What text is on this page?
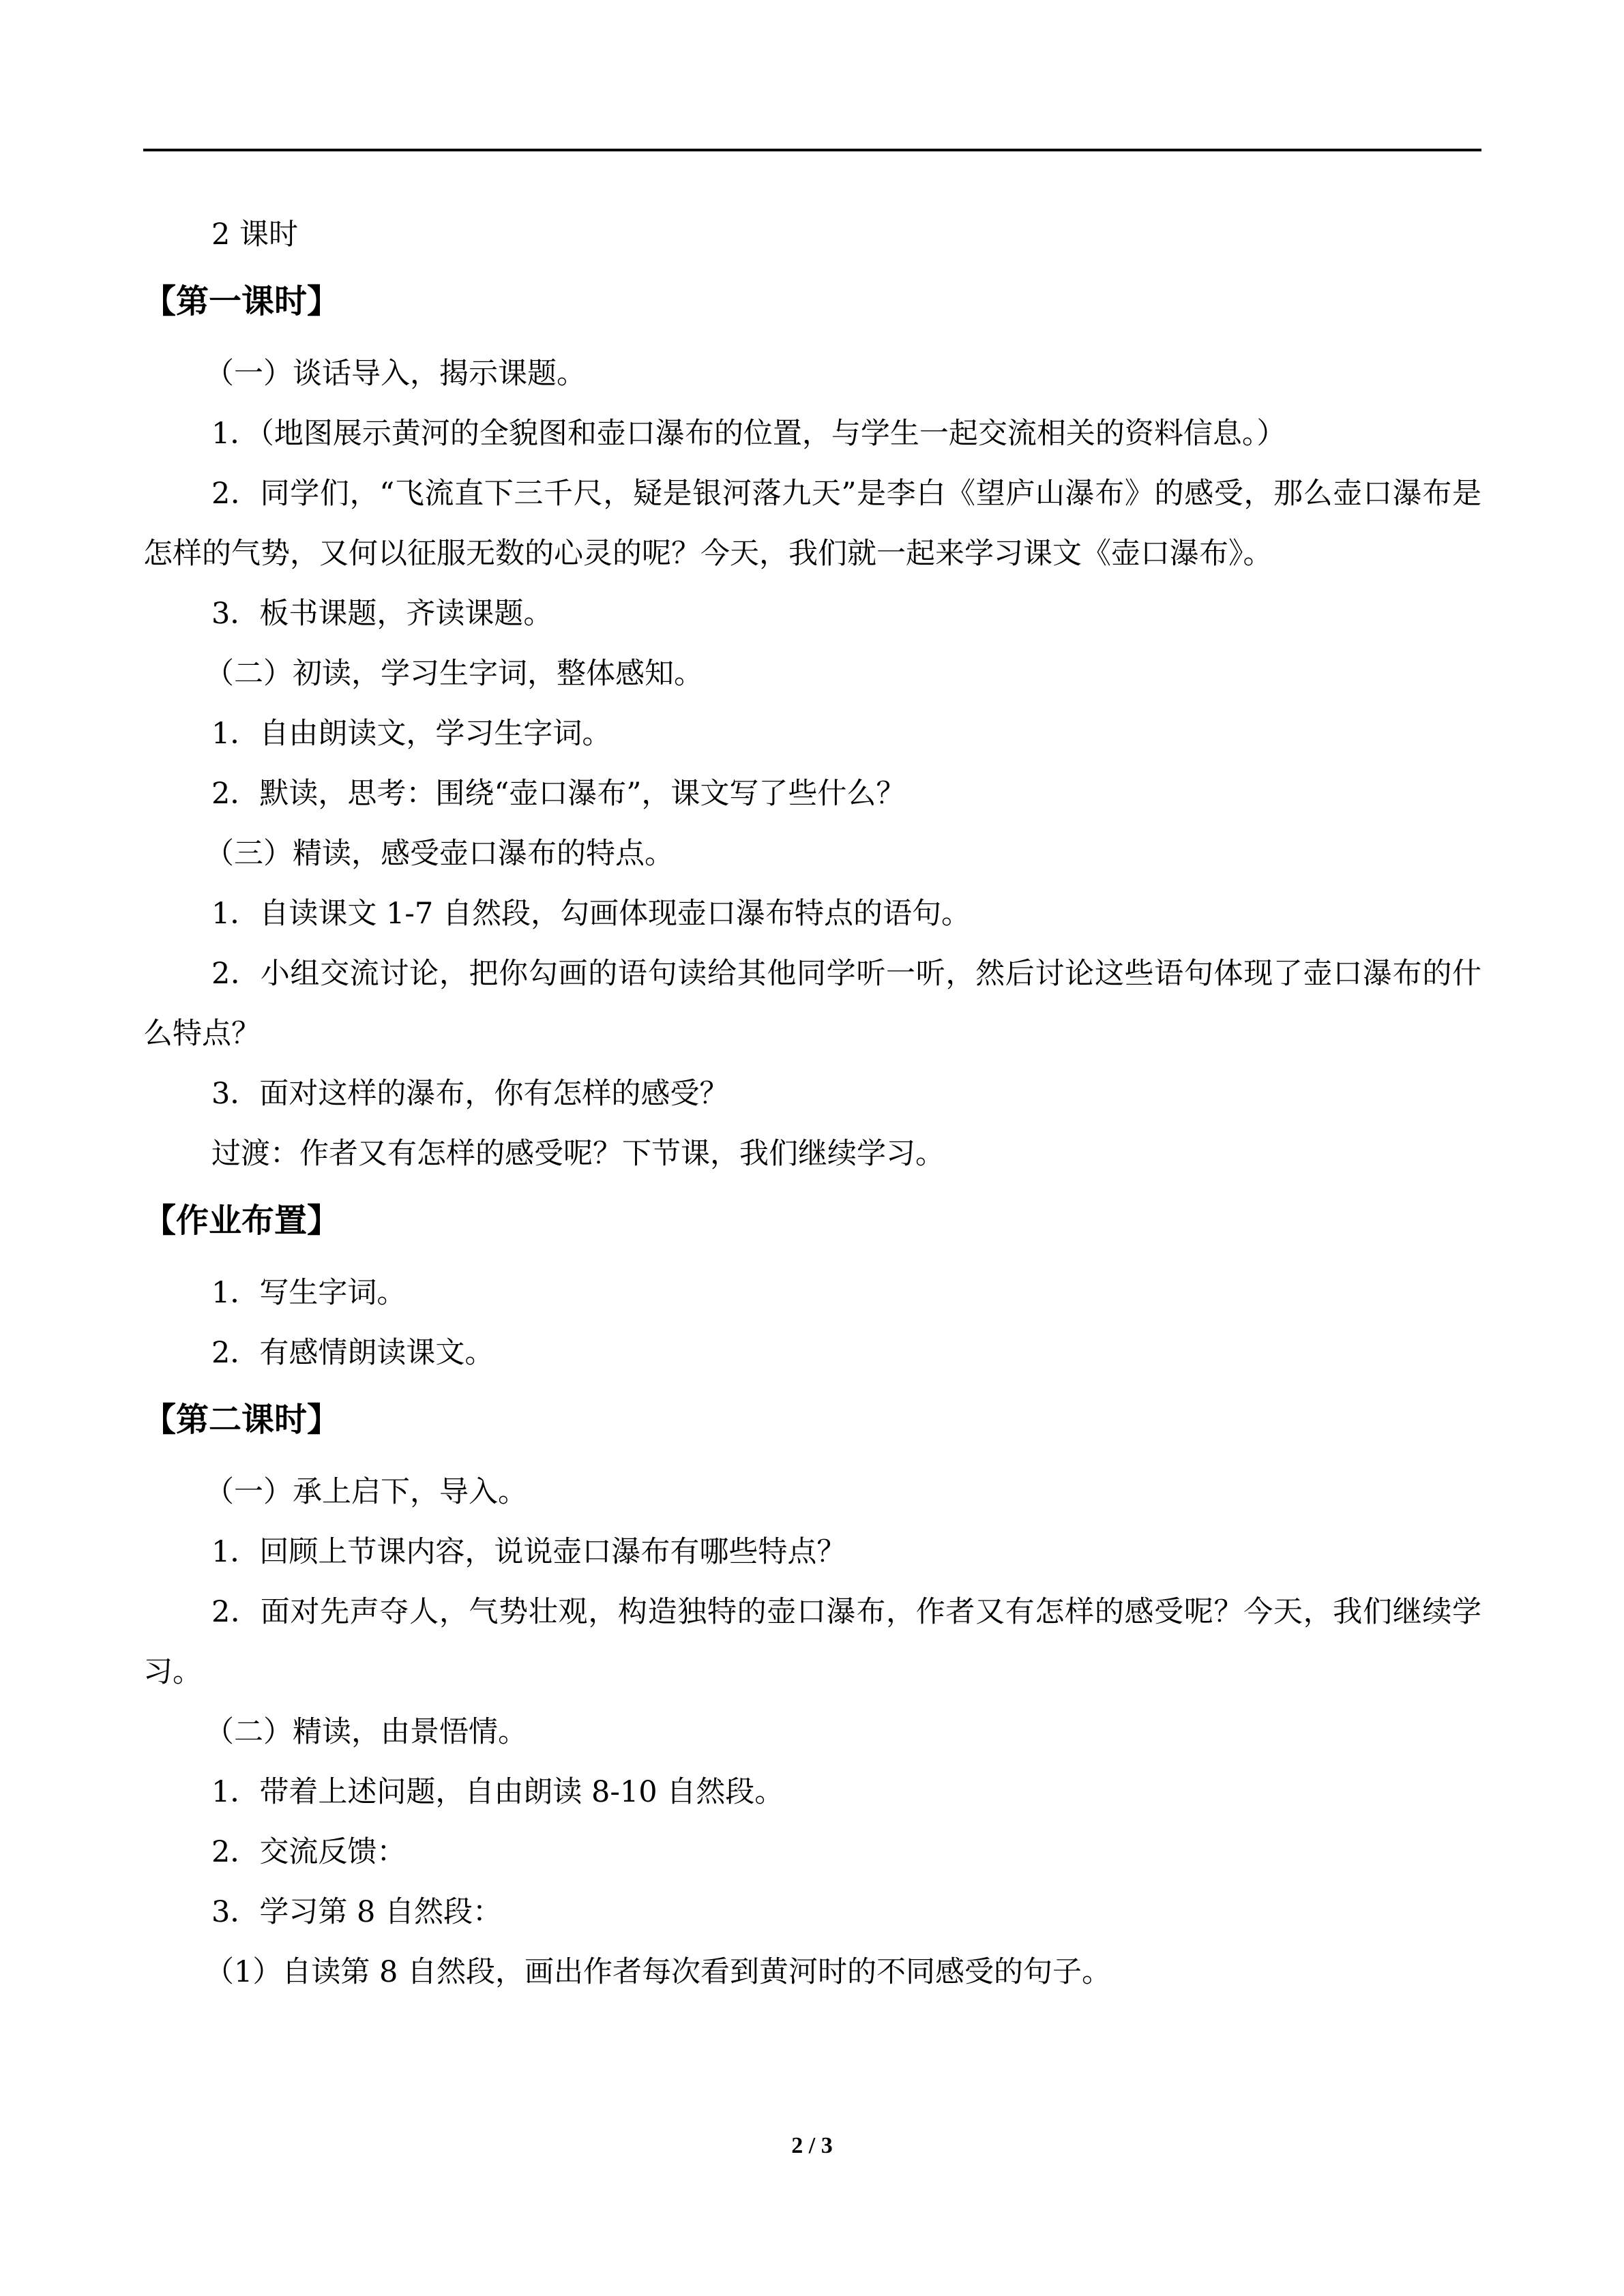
2 课时

【第一课时】

（一）谈话导入，揭示课题。

1．（地图展示黄河的全貌图和壶口瀑布的位置，与学生一起交流相关的资料信息。）

2．同学们，“飞流直下三千尺，疑是银河落九天”是李白《望庐山瀑布》的感受，那么壶口瀑布是怎样的气势，又何以征服无数的心灵的呢？今天，我们就一起来学习课文《壶口瀑布》。

3．板书课题，齐读课题。

（二）初读，学习生字词，整体感知。

1．自由朗读文，学习生字词。

2．默读，思考：围绕“壶口瀑布”，课文写了些什么？

（三）精读，感受壶口瀑布的特点。

1．自读课文 1-7 自然段，勾画体现壶口瀑布特点的语句。

2．小组交流讨论，把你勾画的语句读给其他同学听一听，然后讨论这些语句体现了壶口瀑布的什么特点？

3．面对这样的瀑布，你有怎样的感受？

过渡：作者又有怎样的感受呢？下节课，我们继续学习。

【作业布置】

1．写生字词。

2．有感情朗读课文。

【第二课时】

（一）承上启下，导入。

1．回顾上节课内容，说说壶口瀑布有哪些特点？

2．面对先声夺人，气势壮观，构造独特的壶口瀑布，作者又有怎样的感受呢？今天，我们继续学习。

（二）精读，由景悟情。

1．带着上述问题，自由朗读 8-10 自然段。

2．交流反馈：

3．学习第 8 自然段：

（1）自读第 8 自然段，画出作者每次看到黄河时的不同感受的句子。

2 / 3
